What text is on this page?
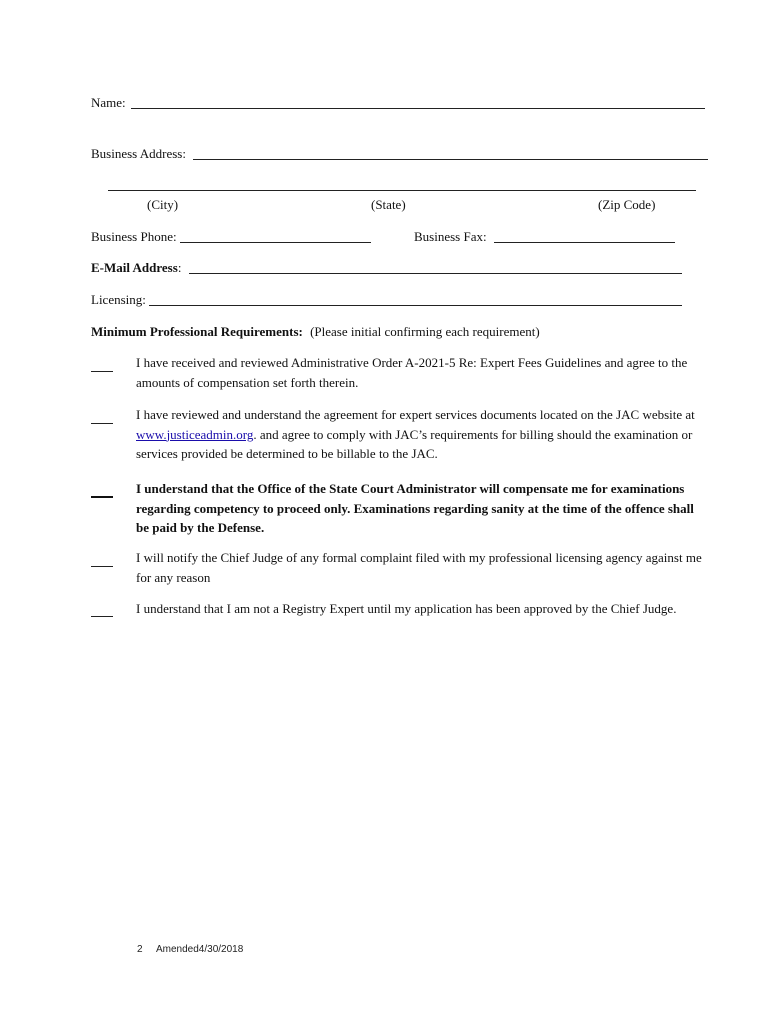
Name:
Business Address:
(City)	(State)	(Zip Code)
Business Phone:	Business Fax:
E-Mail Address:
Licensing:
Minimum Professional Requirements: (Please initial confirming each requirement)
I have received and reviewed Administrative Order A-2021-5 Re: Expert Fees Guidelines and agree to the amounts of compensation set forth therein.
I have reviewed and understand the agreement for expert services documents located on the JAC website at www.justiceadmin.org. and agree to comply with JAC’s requirements for billing should the examination or services provided be determined to be billable to the JAC.
I understand that the Office of the State Court Administrator will compensate me for examinations regarding competency to proceed only. Examinations regarding sanity at the time of the offence shall be paid by the Defense.
I will notify the Chief Judge of any formal complaint filed with my professional licensing agency against me for any reason
I understand that I am not a Registry Expert until my application has been approved by the Chief Judge.
2 Amended4/30/2018
